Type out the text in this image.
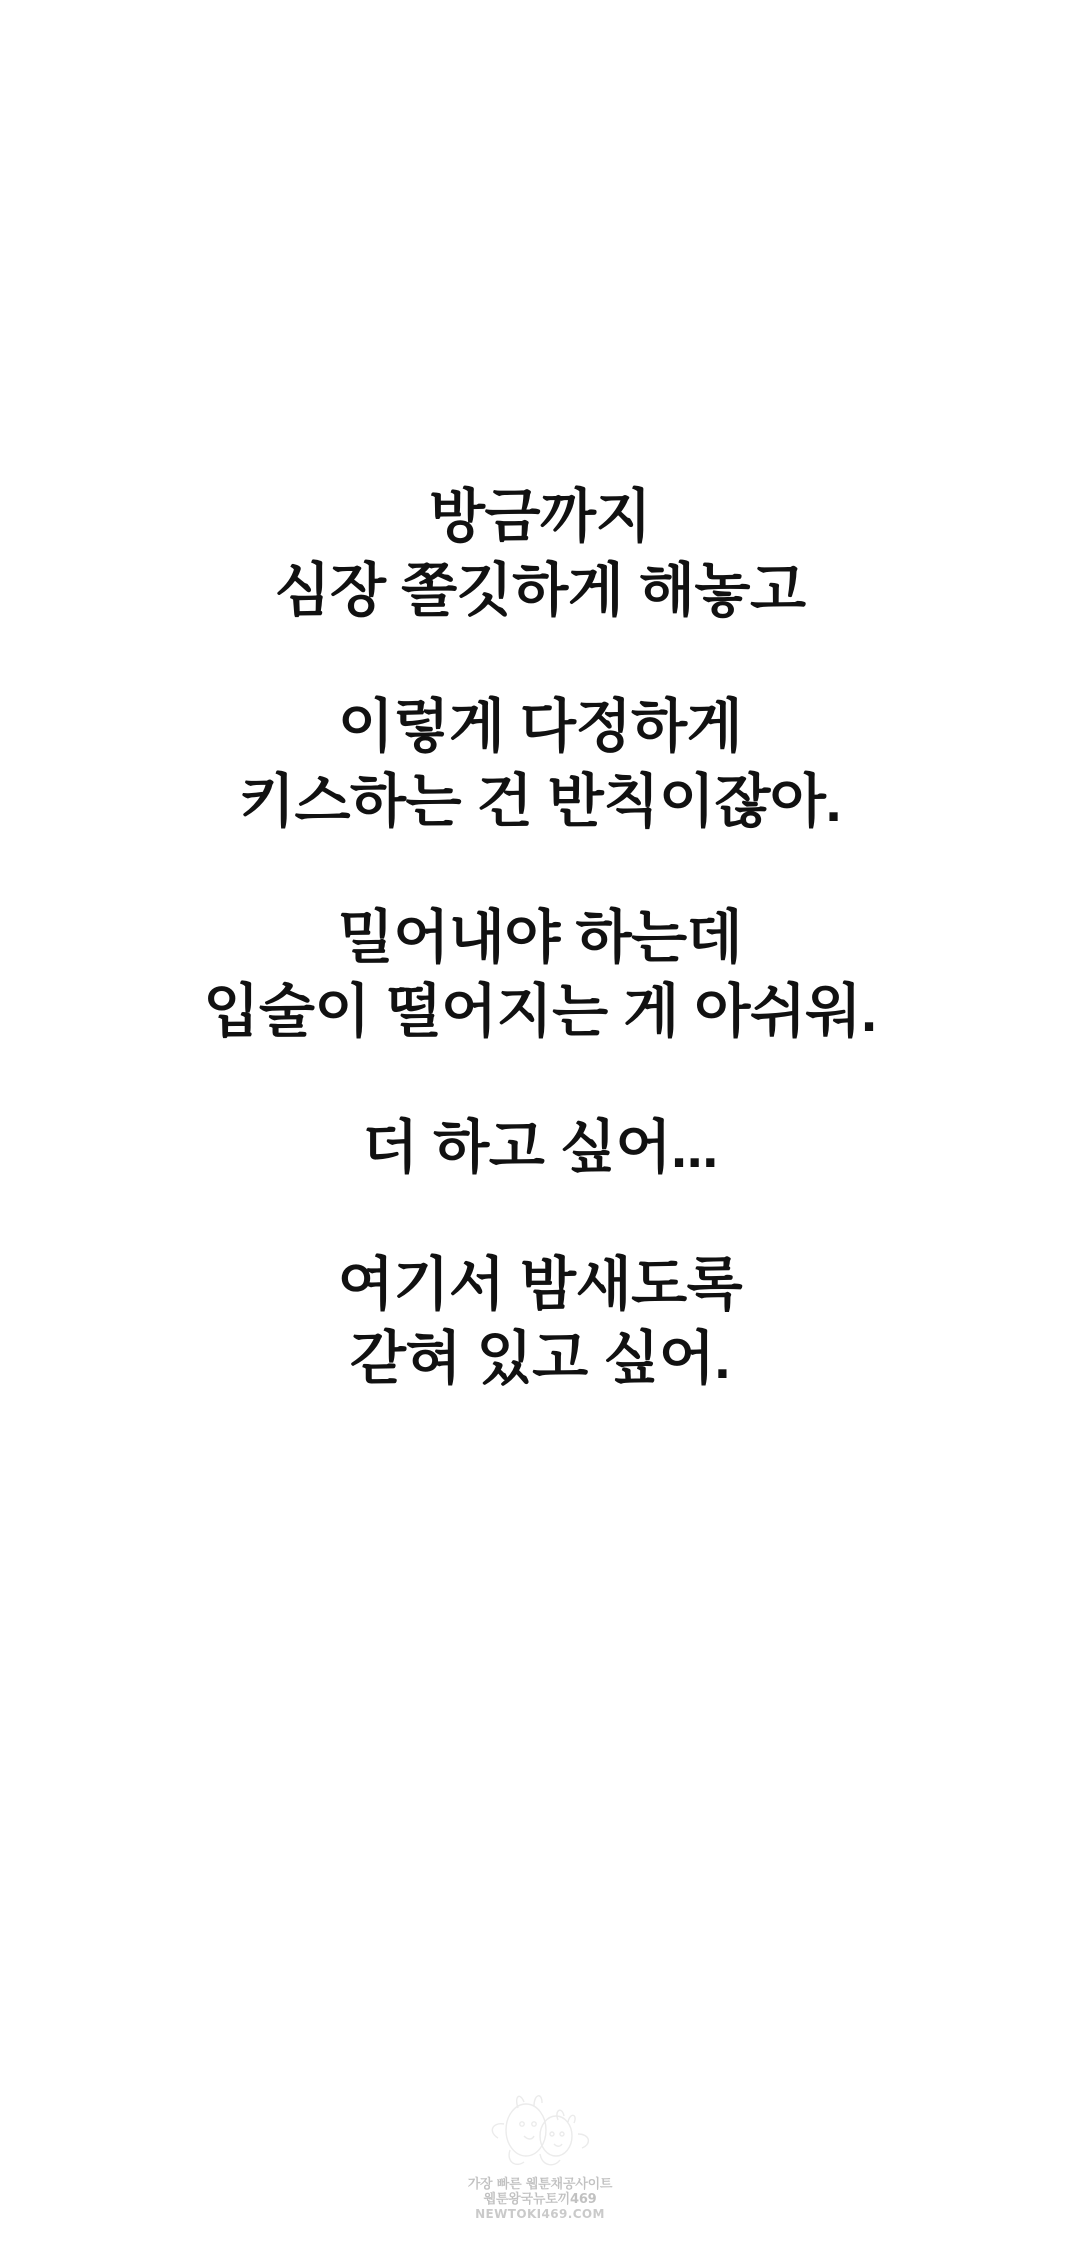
방금까지
심장 쫄깃하게 해놓고

이렇게 다정하게
키스하는 건 반칙이잖아.

밀어내야 하는데
입술이 떨어지는 게 아쉬워.

더 하고 싶어...

여기서 밤새도록
갇혀 있고 싶어.

가장 빠른 웹툰채공사이트
웹툰왕국뉴토끼469
NEWTOKI469.COM
